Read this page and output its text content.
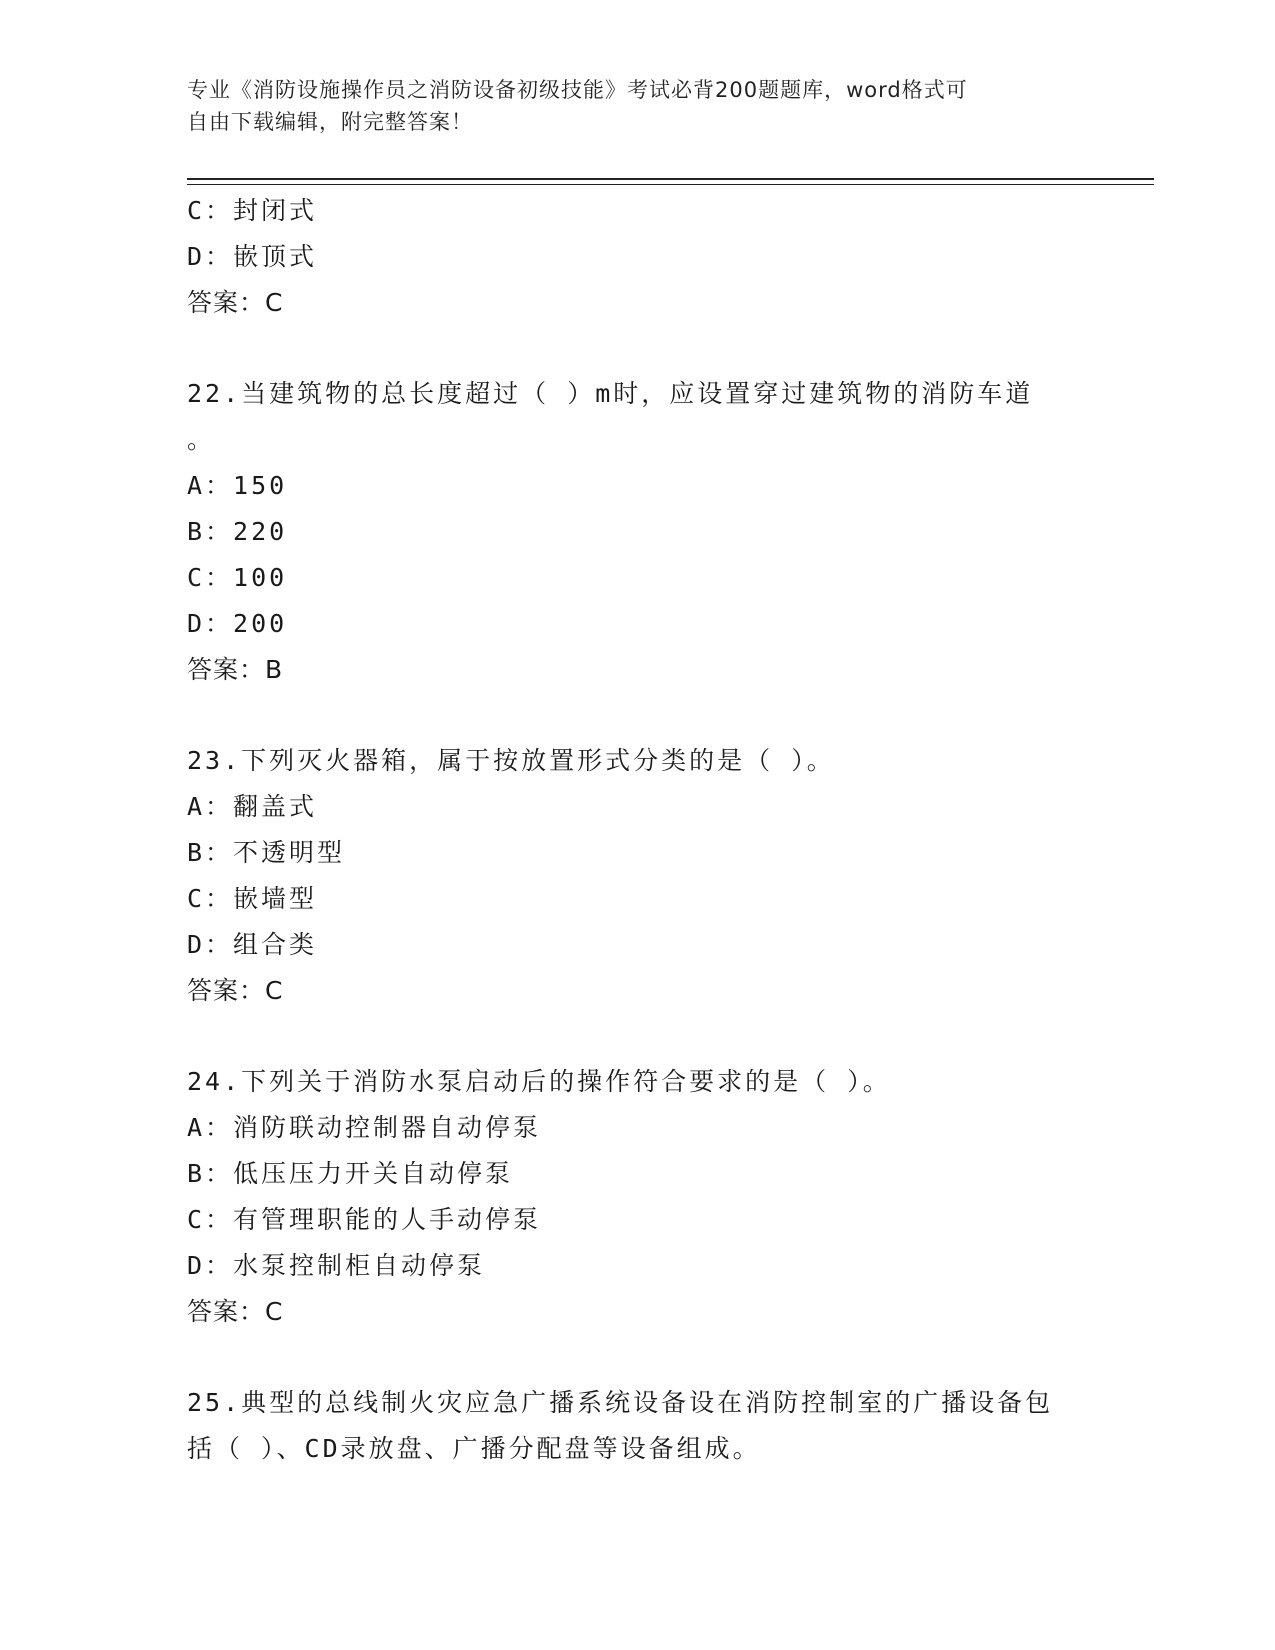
专业《消防设施操作员之消防设备初级技能》考试必背200题题库，word格式可
自由下载编辑，附完整答案！
C：封闭式
D：嵌顶式
答案：C
22.当建筑物的总长度超过（ ）m时，应设置穿过建筑物的消防车道
。
A：150
B：220
C：100
D：200
答案：B
23.下列灭火器箱，属于按放置形式分类的是（ ）。
A：翻盖式
B：不透明型
C：嵌墙型
D：组合类
答案：C
24.下列关于消防水泵启动后的操作符合要求的是（ ）。
A：消防联动控制器自动停泵
B：低压压力开关自动停泵
C：有管理职能的人手动停泵
D：水泵控制柜自动停泵
答案：C
25.典型的总线制火灾应急广播系统设备设在消防控制室的广播设备包
括（ ）、CD录放盘、广播分配盘等设备组成。
